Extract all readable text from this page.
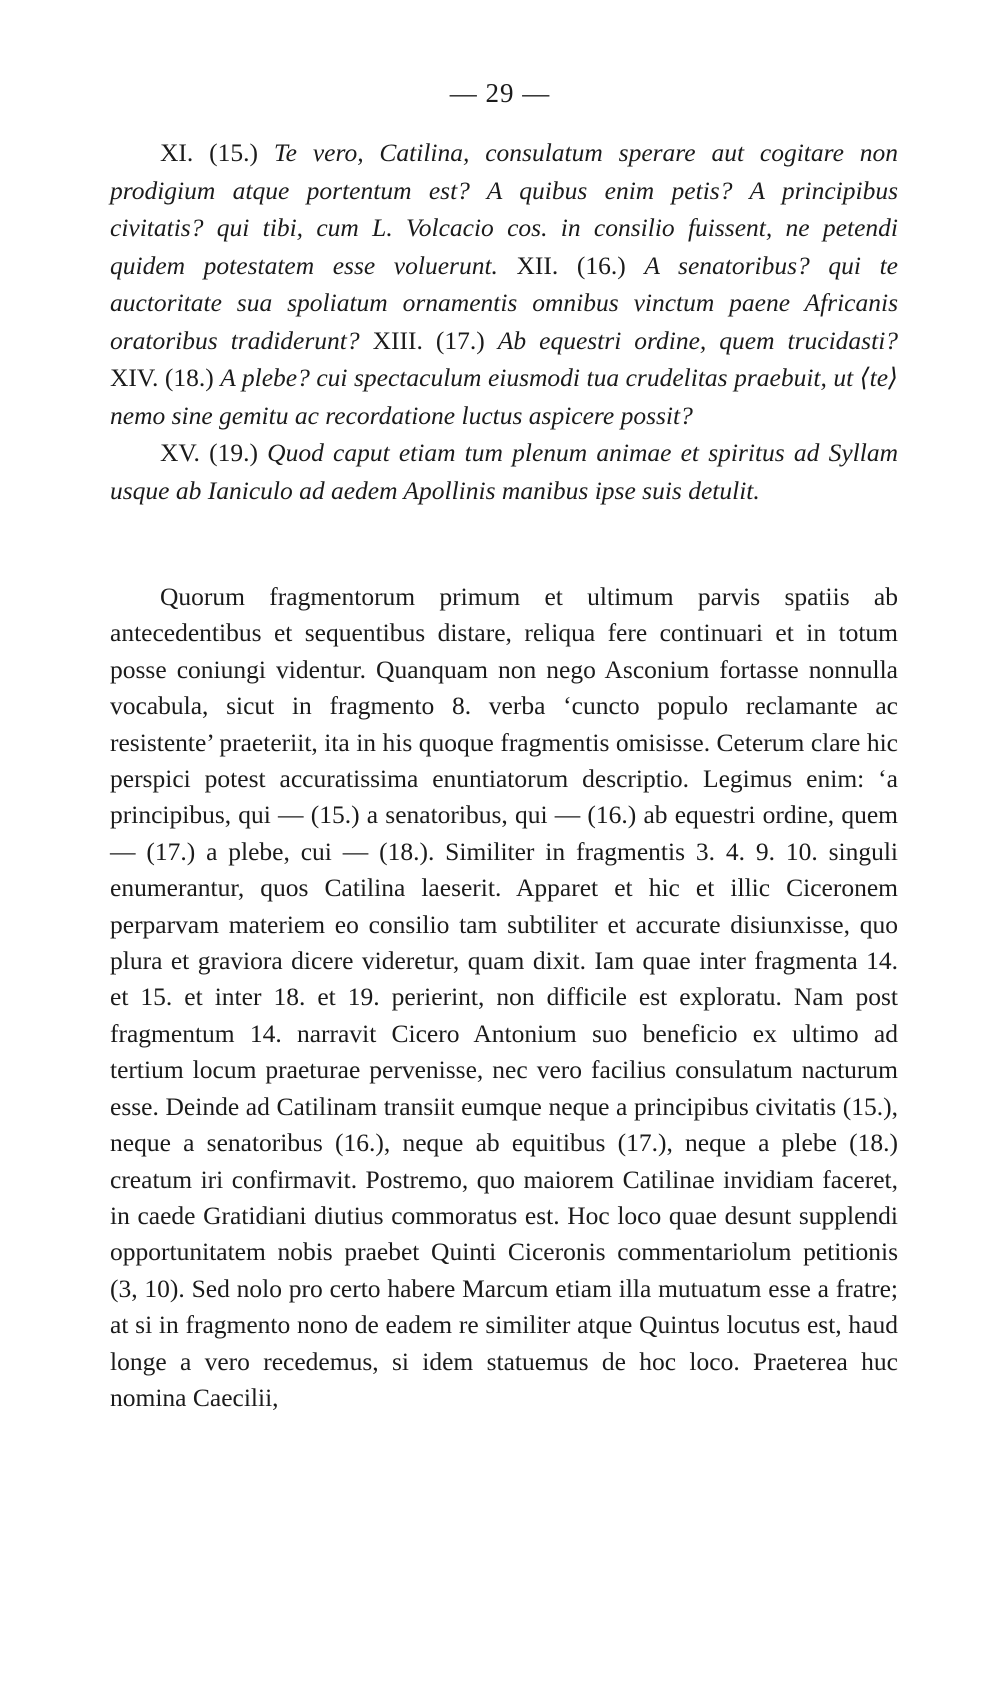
— 29 —

XI. (15.) Te vero, Catilina, consulatum sperare aut cogitare non prodigium atque portentum est? A quibus enim petis? A principibus civitatis? qui tibi, cum L. Volcacio cos. in consilio fuissent, ne petendi quidem potestatem esse voluerunt. XII. (16.) A senatoribus? qui te auctoritate sua spoliatum ornamentis omnibus vinctum paene Africanis oratoribus tradiderunt? XIII. (17.) Ab equestri ordine, quem trucidasti? XIV. (18.) A plebe? cui spectaculum eiusmodi tua crudelitas praebuit, ut ⟨te⟩ nemo sine gemitu ac recordatione luctus aspicere possit?

XV. (19.) Quod caput etiam tum plenum animae et spiritus ad Syllam usque ab Ianiculo ad aedem Apollinis manibus ipse suis detulit.

Quorum fragmentorum primum et ultimum parvis spatiis ab antecedentibus et sequentibus distare, reliqua fere continuari et in totum posse coniungi videntur. Quanquam non nego Asconium fortasse nonnulla vocabula, sicut in fragmento 8. verba ‘cuncto populo reclamante ac resistente’ praeteriit, ita in his quoque fragmentis omisisse. Ceterum clare hic perspici potest accuratissima enuntiatorum descriptio. Legimus enim: ‘a principibus, qui — (15.) a senatoribus, qui — (16.) ab equestri ordine, quem — (17.) a plebe, cui — (18.). Similiter in fragmentis 3. 4. 9. 10. singuli enumerantur, quos Catilina laeserit. Apparet et hic et illic Ciceronem perparvam materiem eo consilio tam subtiliter et accurate disiunxisse, quo plura et graviora dicere videretur, quam dixit. Iam quae inter fragmenta 14. et 15. et inter 18. et 19. perierint, non difficile est exploratu. Nam post fragmentum 14. narravit Cicero Antonium suo beneficio ex ultimo ad tertium locum praeturae pervenisse, nec vero facilius consulatum nacturum esse. Deinde ad Catilinam transiit eumque neque a principibus civitatis (15.), neque a senatoribus (16.), neque ab equitibus (17.), neque a plebe (18.) creatum iri confirmavit. Postremo, quo maiorem Catilinae invidiam faceret, in caede Gratidiani diutius commoratus est. Hoc loco quae desunt supplendi opportunitatem nobis praebet Quinti Ciceronis commentariolum petitionis (3, 10). Sed nolo pro certo habere Marcum etiam illa mutuatum esse a fratre; at si in fragmento nono de eadem re similiter atque Quintus locutus est, haud longe a vero recedemus, si idem statuemus de hoc loco. Praeterea huc nomina Caecilii,
